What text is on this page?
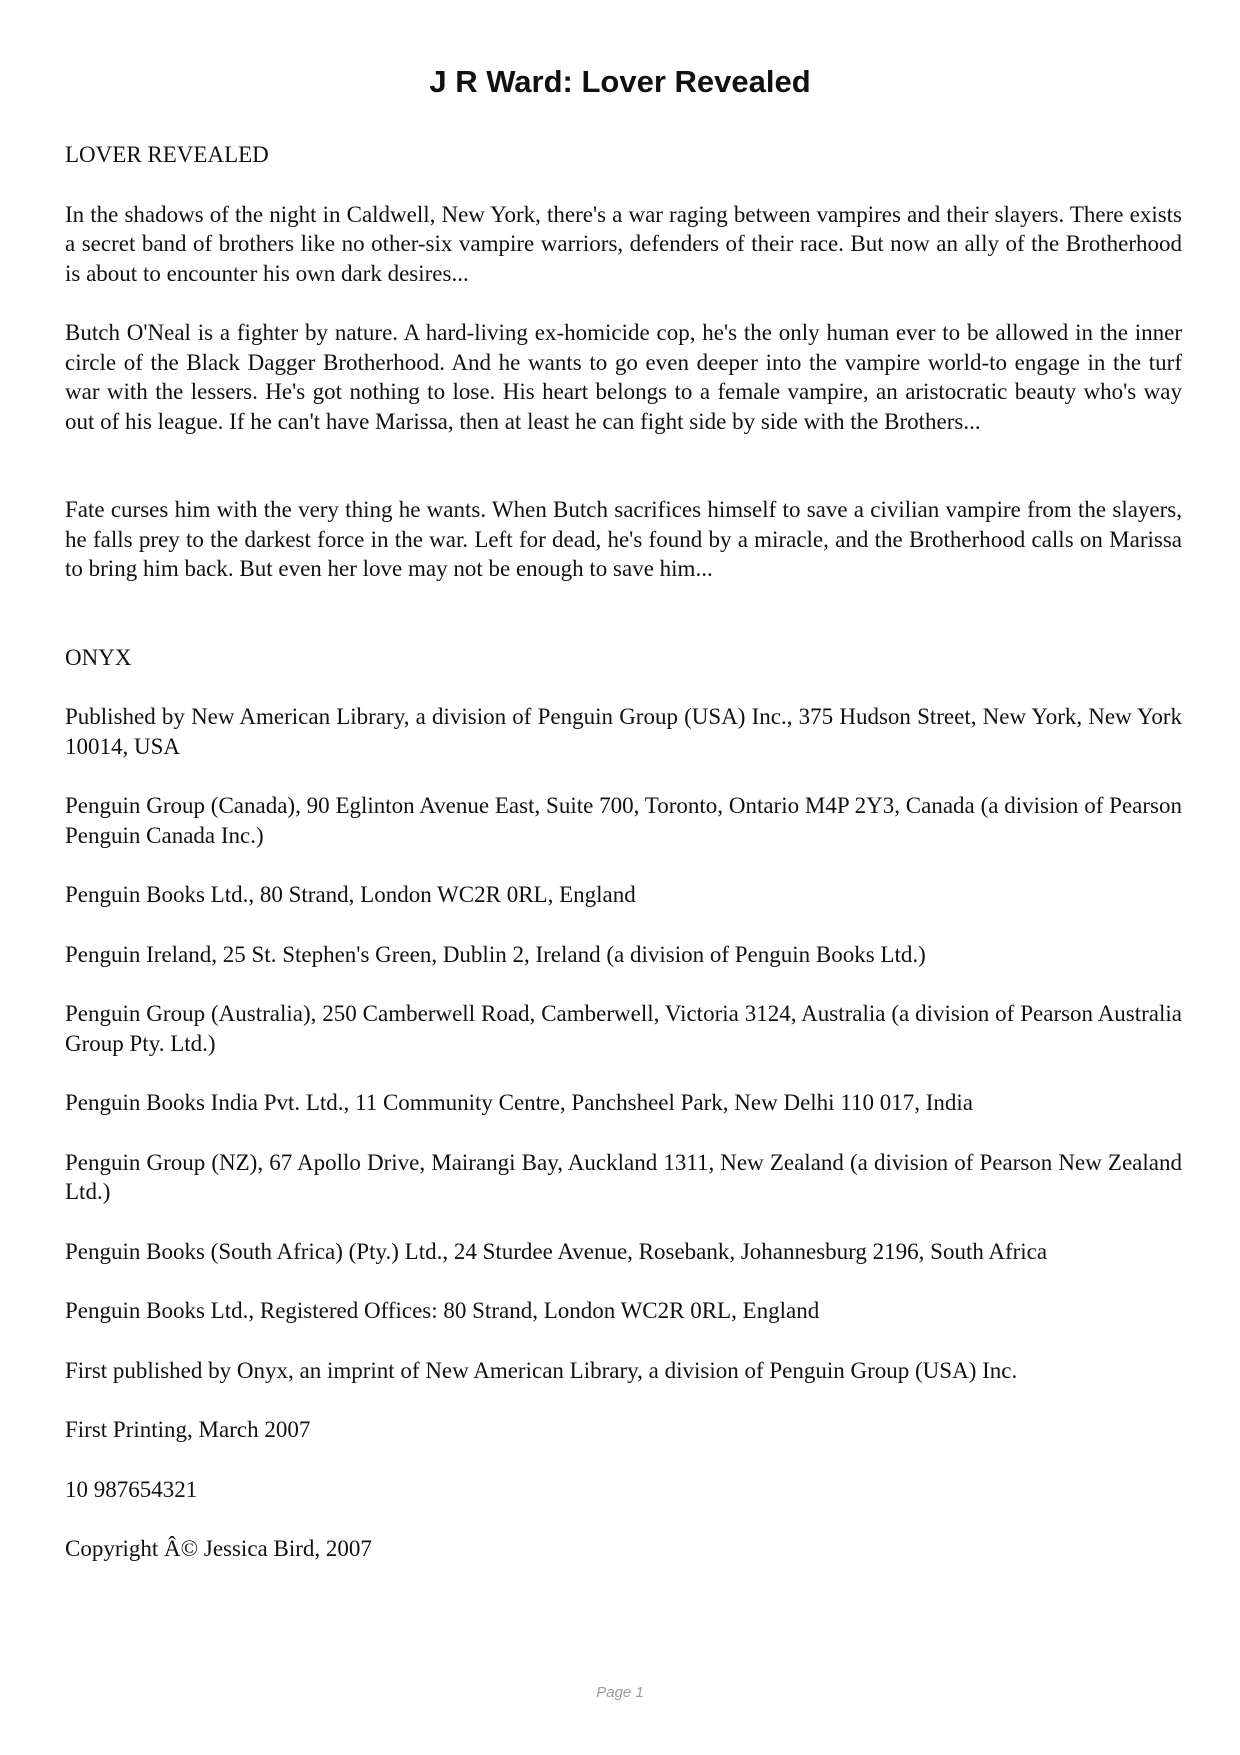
J R Ward: Lover Revealed

LOVER REVEALED

In the shadows of the night in Caldwell, New York, there's a war raging between vampires and their slayers. There exists a secret band of brothers like no other-six vampire warriors, defenders of their race. But now an ally of the Brotherhood is about to encounter his own dark desires...

Butch O'Neal is a fighter by nature. A hard-living ex-homicide cop, he's the only human ever to be allowed in the inner circle of the Black Dagger Brotherhood. And he wants to go even deeper into the vampire world-to engage in the turf war with the lessers. He's got nothing to lose. His heart belongs to a female vampire, an aristocratic beauty who's way out of his league. If he can't have Marissa, then at least he can fight side by side with the Brothers...

Fate curses him with the very thing he wants. When Butch sacrifices himself to save a civilian vampire from the slayers, he falls prey to the darkest force in the war. Left for dead, he's found by a miracle, and the Brotherhood calls on Marissa to bring him back. But even her love may not be enough to save him...

ONYX

Published by New American Library, a division of Penguin Group (USA) Inc., 375 Hudson Street, New York, New York 10014, USA

Penguin Group (Canada), 90 Eglinton Avenue East, Suite 700, Toronto, Ontario M4P 2Y3, Canada (a division of Pearson Penguin Canada Inc.)

Penguin Books Ltd., 80 Strand, London WC2R 0RL, England

Penguin Ireland, 25 St. Stephen's Green, Dublin 2, Ireland (a division of Penguin Books Ltd.)

Penguin Group (Australia), 250 Camberwell Road, Camberwell, Victoria 3124, Australia (a division of Pearson Australia Group Pty. Ltd.)

Penguin Books India Pvt. Ltd., 11 Community Centre, Panchsheel Park, New Delhi 110 017, India

Penguin Group (NZ), 67 Apollo Drive, Mairangi Bay, Auckland 1311, New Zealand (a division of Pearson New Zealand Ltd.)

Penguin Books (South Africa) (Pty.) Ltd., 24 Sturdee Avenue, Rosebank, Johannesburg 2196, South Africa

Penguin Books Ltd., Registered Offices: 80 Strand, London WC2R 0RL, England

First published by Onyx, an imprint of New American Library, a division of Penguin Group (USA) Inc.

First Printing, March 2007

10 987654321

Copyright Â© Jessica Bird, 2007

Page 1
